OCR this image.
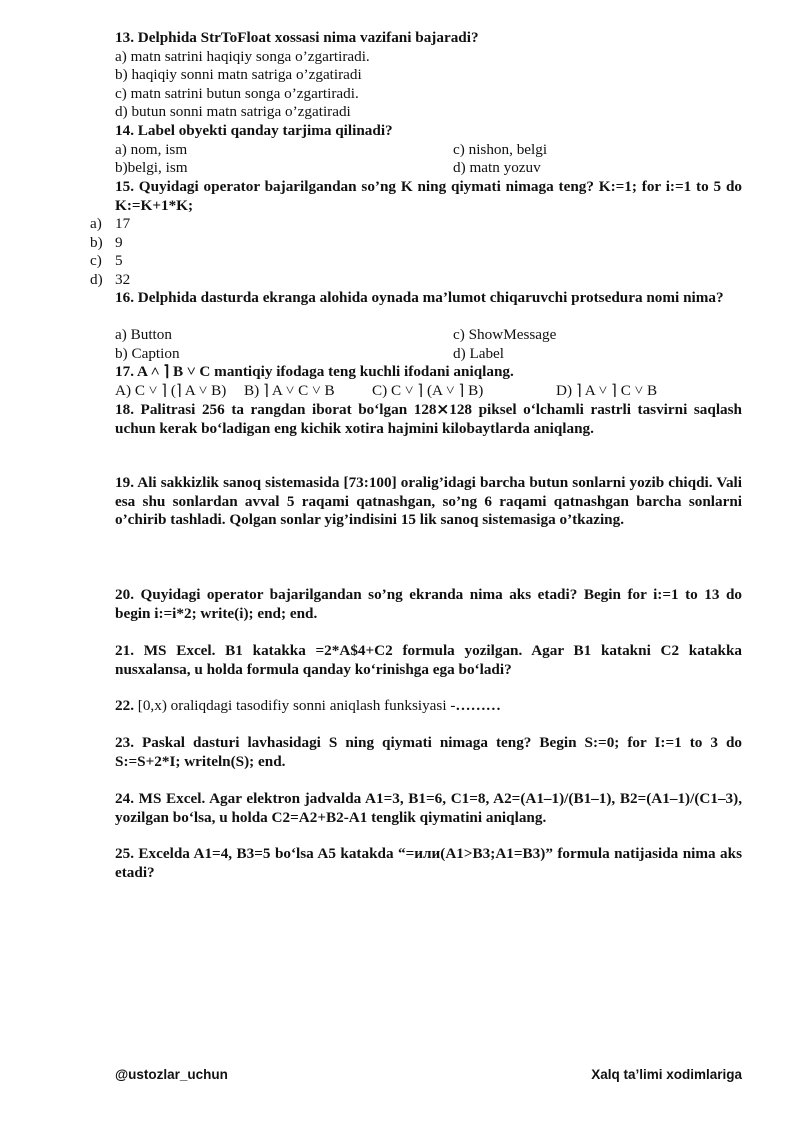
13. Delphida StrToFloat xossasi nima vazifani bajaradi?
a) matn satrini haqiqiy songa o’zgartiradi.
b) haqiqiy sonni matn satriga o’zgatiradi
c) matn satrini butun songa o’zgartiradi.
d) butun sonni matn satriga o’zgatiradi
14. Label obyekti qanday tarjima qilinadi?
a) nom, ism	c) nishon, belgi
b)belgi, ism	d) matn yozuv
15. Quyidagi operator bajarilgandan so’ng K ning qiymati nimaga teng? K:=1; for i:=1 to 5 do K:=K+1*K;
a) 17
b) 9
c) 5
d) 32
16. Delphida dasturda ekranga alohida oynada ma’lumot chiqaruvchi protsedura nomi nima?
a) Button	c) ShowMessage
b) Caption	d) Label
17. A ˄ ⌉ B ˅ C mantiqiy ifodaga teng kuchli ifodani aniqlang.
A) C ˅ ⌉ (⌉ A ˅ B) B) ⌉ A ˅ C ˅ B C) C ˅ ⌉ (A ˅ ⌉ B)	D) ⌉ A ˅ ⌉ C ˅ B
18. Palitrasi 256 ta rangdan iborat bo‘lgan 128⨯128 piksel o‘lchamli rastrli tasvirni saqlash uchun kerak bo‘ladigan eng kichik xotira hajmini kilobaytlarda aniqlang.
19. Ali sakkizlik sanoq sistemasida [73:100] oralig’idagi barcha butun sonlarni yozib chiqdi. Vali esa shu sonlardan avval 5 raqami qatnashgan, so’ng 6 raqami qatnashgan barcha sonlarni o’chirib tashladi. Qolgan sonlar yig’indisini 15 lik sanoq sistemasiga o’tkazing.
20. Quyidagi operator bajarilgandan so’ng ekranda nima aks etadi? Begin for i:=1 to 13 do begin i:=i*2; write(i); end; end.
21. MS Excel. B1 katakka =2*A$4+C2 formula yozilgan. Agar B1 katakni C2 katakka nusxalansa, u holda formula qanday ko‘rinishga ega bo‘ladi?
22. [0,x) oraliqdagi tasodifiy sonni aniqlash funksiyasi -………
23. Paskal dasturi lavhasidagi S ning qiymati nimaga teng? Begin S:=0; for I:=1 to 3 do S:=S+2*I; writeln(S); end.
24. MS Excel. Agar elektron jadvalda A1=3, B1=6, C1=8, A2=(A1–1)/(B1–1), B2=(A1–1)/(C1–3), yozilgan bo‘lsa, u holda C2=A2+B2-A1 tenglik qiymatini aniqlang.
25. Excelda A1=4, B3=5 bo‘lsa A5 katakda “=или(A1>B3;A1=B3)” formula natijasida nima aks etadi?
@ustozlar_uchun	Xalq ta’limi xodimlariga
